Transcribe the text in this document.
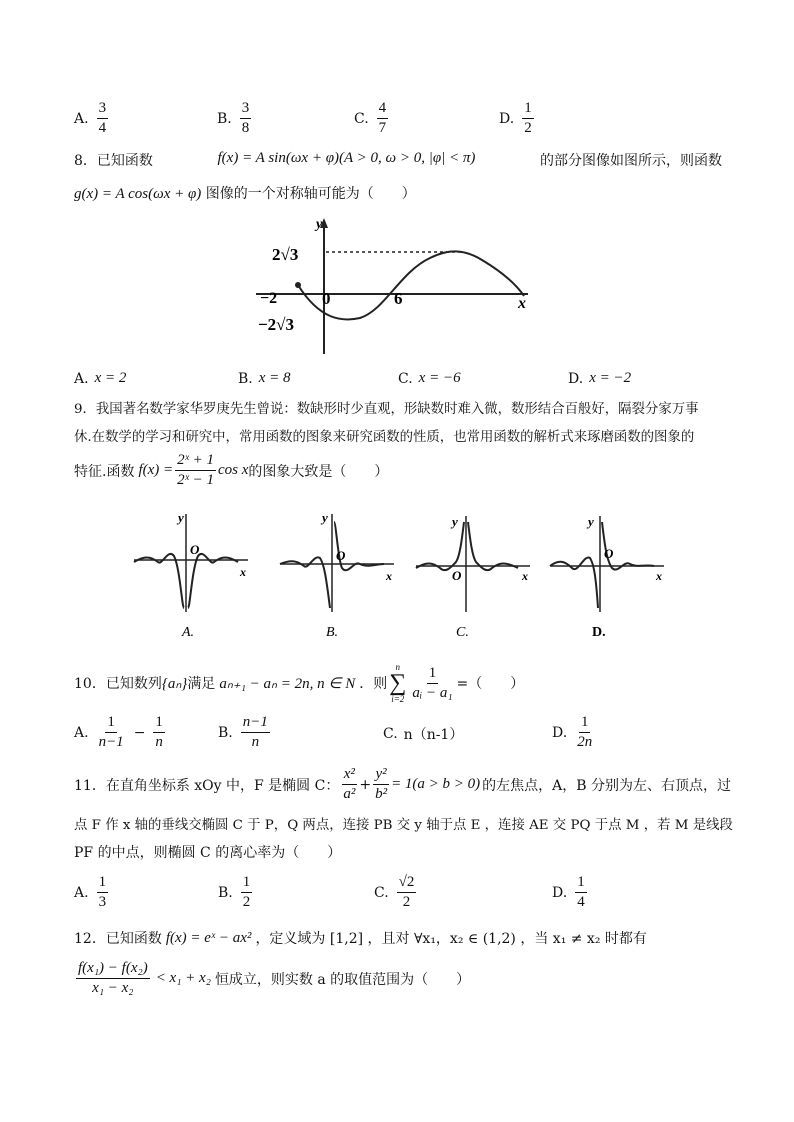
A. $\frac{3}{4}$	B. $\frac{3}{8}$	C. $\frac{4}{7}$	D. $\frac{1}{2}$
8．已知函数	f(x) = A sin(ωx + φ)(A > 0, ω > 0, |φ| < π)	的部分图像如图所示，则函数
g(x) = A cos(ωx + φ) 图像的一个对称轴可能为（　　）
y
x
2√3
−2√3
−2	0	6
A. x = 2	B. x = 8	C. x = −6	D. x = −2
9．我国著名数学家华罗庚先生曾说：数缺形时少直观，形缺数时难入微，数形结合百般好，隔裂分家万事
休.在数学的学习和研究中，常用函数的图象来研究函数的性质，也常用函数的解析式来琢磨函数的图象的
特征.函数 $f(x) = \frac{\text{2ˣ + 1}}{\text{2ˣ − 1}}$ cos x 的图象大致是（　　）
y
O
x
A.
y
O
x
B.
y
O	x
C.
y
O
x
D.
10．已知数列 {aₙ} 满足 aₙ₊₁ − aₙ = 2n, n ∈ N ．则
n
∑
$i=2 \frac{1}{\text{aᵢ − a₁}}$ =（　　）
A. $\frac{1}{n-1} - \frac{1}{n}$	B. $\frac{n-1}{n}$	C. n（n-1）	D. $\frac{1}{2n}$
11．在直角坐标系 xOy 中，F 是椭圆 C： $\frac{\text{x²}}{\text{a²}} + \frac{\text{y²}}{\text{b²}} = 1(a > b > 0)$ 的左焦点，A，B 分别为左、右顶点，过
点 F 作 x 轴的垂线交椭圆 C 于 P，Q 两点，连接 PB 交 y 轴于点 E ，连接 AE 交 PQ 于点 M ，若 M 是线段
PF 的中点，则椭圆 C 的离心率为（　　）
A. $\frac{1}{3}$	B. $\frac{1}{2}$	C. $\frac{√2}{2}$	D. $\frac{1}{4}$
12．已知函数 f(x) = eˣ − ax² ，定义域为 [1,2] ，且对 ∀x₁，x₂ ∈ (1,2) ，当 x₁ ≠ x₂ 时都有
$\frac{\text{f(x₁) − f(x₂)}}{\text{x₁ − x₂}} < x_1 + x_2$ 恒成立，则实数 a 的取值范围为（　　）
